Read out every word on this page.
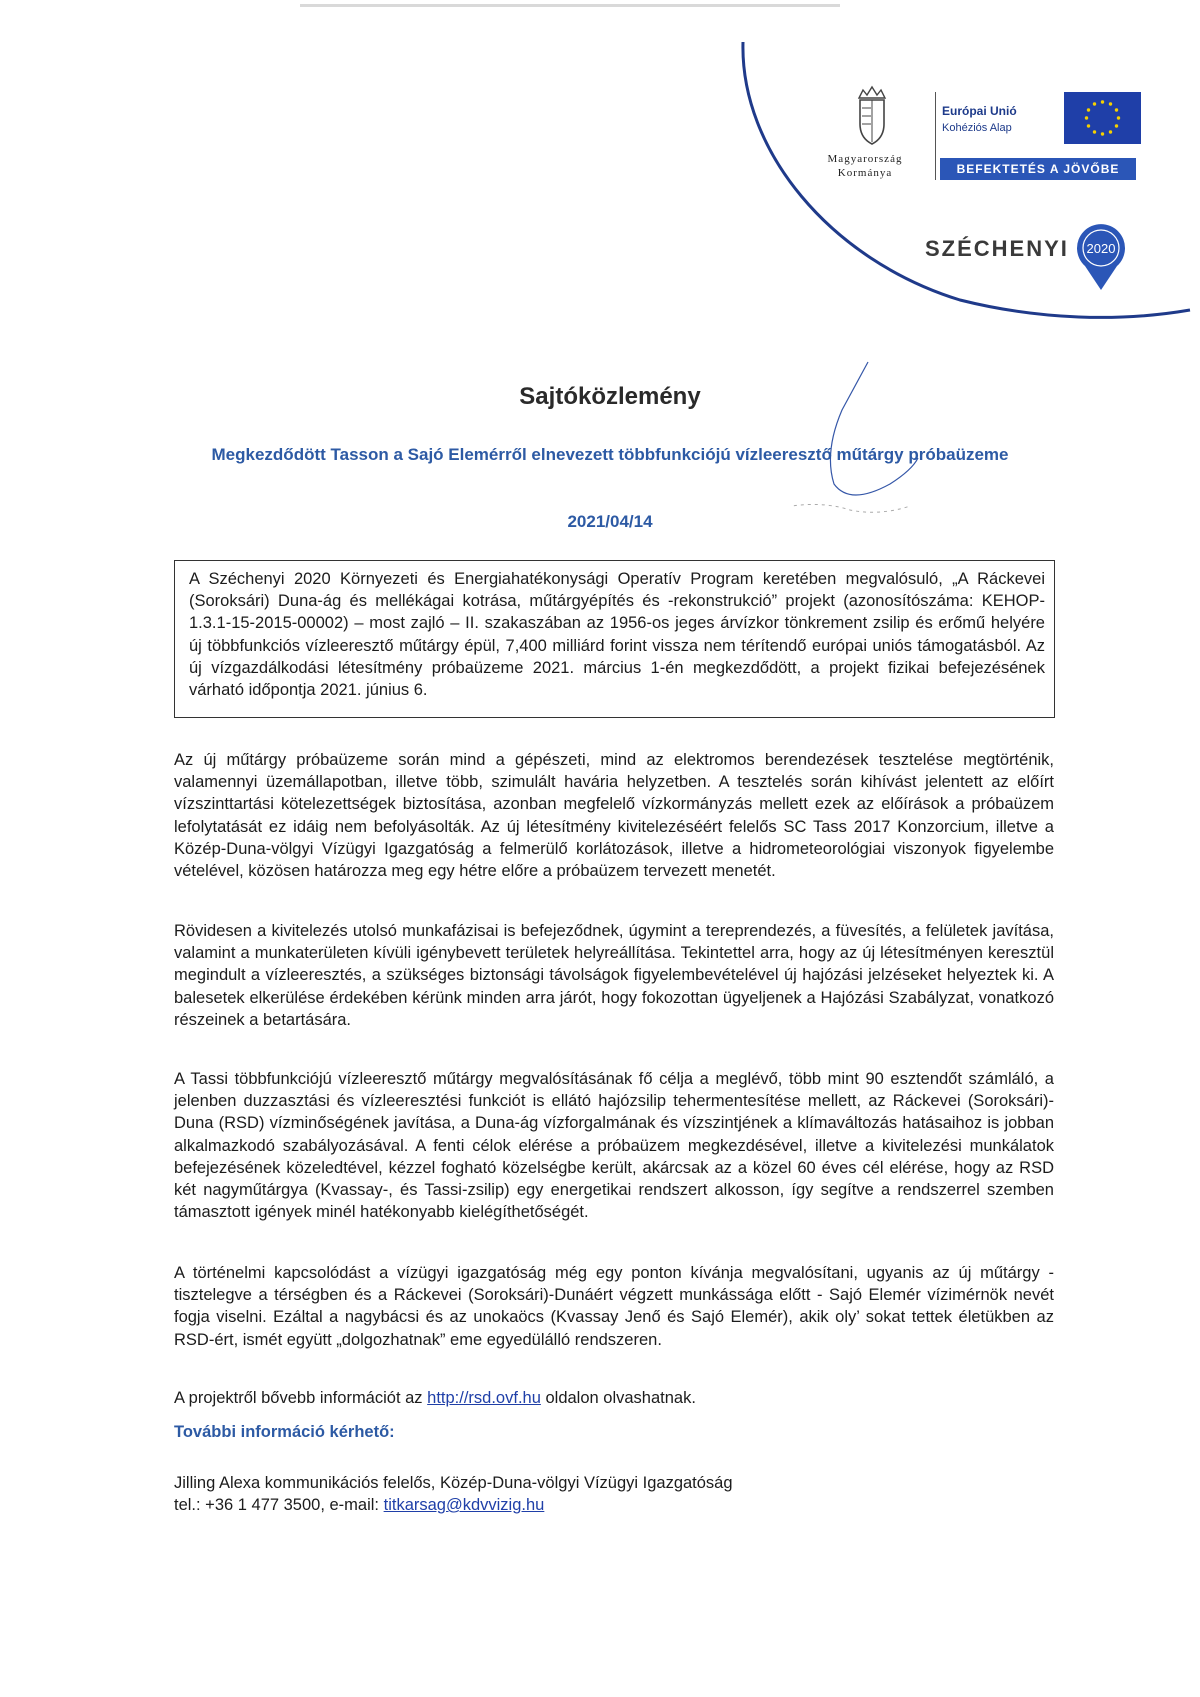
Magyarország
Kormánya
Európai Unió
Kohéziós Alap
BEFEKTETÉS A JÖVŐBE
SZÉCHENYI 2020
Sajtóközlemény
Megkezdődött Tasson a Sajó Elemérről elnevezett többfunkciójú vízleeresztő műtárgy próbaüzeme
2021/04/14
A Széchenyi 2020 Környezeti és Energiahatékonysági Operatív Program keretében megvalósuló, „A Ráckevei (Soroksári) Duna-ág és mellékágai kotrása, műtárgyépítés és -rekonstrukció” projekt (azonosítószáma: KEHOP-1.3.1-15-2015-00002) – most zajló – II. szakaszában az 1956-os jeges árvízkor tönkrement zsilip és erőmű helyére új többfunkciós vízleeresztő műtárgy épül, 7,400 milliárd forint vissza nem térítendő európai uniós támogatásból. Az új vízgazdálkodási létesítmény próbaüzeme 2021. március 1-én megkezdődött, a projekt fizikai befejezésének várható időpontja 2021. június 6.

Az új műtárgy próbaüzeme során mind a gépészeti, mind az elektromos berendezések tesztelése megtörténik, valamennyi üzemállapotban, illetve több, szimulált havária helyzetben. A tesztelés során kihívást jelentett az előírt vízszinttartási kötelezettségek biztosítása, azonban megfelelő vízkormányzás mellett ezek az előírások a próbaüzem lefolytatását ez idáig nem befolyásolták. Az új létesítmény kivitelezéséért felelős SC Tass 2017 Konzorcium, illetve a Közép-Duna-völgyi Vízügyi Igazgatóság a felmerülő korlátozások, illetve a hidrometeorológiai viszonyok figyelembe vételével, közösen határozza meg egy hétre előre a próbaüzem tervezett menetét.

Rövidesen a kivitelezés utolsó munkafázisai is befejeződnek, úgymint a tereprendezés, a füvesítés, a felületek javítása, valamint a munkaterületen kívüli igénybevett területek helyreállítása. Tekintettel arra, hogy az új létesítményen keresztül megindult a vízleeresztés, a szükséges biztonsági távolságok figyelembevételével új hajózási jelzéseket helyeztek ki. A balesetek elkerülése érdekében kérünk minden arra járót, hogy fokozottan ügyeljenek a Hajózási Szabályzat, vonatkozó részeinek a betartására.

A Tassi többfunkciójú vízleeresztő műtárgy megvalósításának fő célja a meglévő, több mint 90 esztendőt számláló, a jelenben duzzasztási és vízleeresztési funkciót is ellátó hajózsilip tehermentesítése mellett, az Ráckevei (Soroksári)-Duna (RSD) vízminőségének javítása, a Duna-ág vízforgalmának és vízszintjének a klímaváltozás hatásaihoz is jobban alkalmazkodó szabályozásával. A fenti célok elérése a próbaüzem megkezdésével, illetve a kivitelezési munkálatok befejezésének közeledtével, kézzel fogható közelségbe került, akárcsak az a közel 60 éves cél elérése, hogy az RSD két nagyműtárgya (Kvassay-, és Tassi-zsilip) egy energetikai rendszert alkosson, így segítve a rendszerrel szemben támasztott igények minél hatékonyabb kielégíthetőségét.

A történelmi kapcsolódást a vízügyi igazgatóság még egy ponton kívánja megvalósítani, ugyanis az új műtárgy - tisztelegve a térségben és a Ráckevei (Soroksári)-Dunáért végzett munkássága előtt - Sajó Elemér vízimérnök nevét fogja viselni. Ezáltal a nagybácsi és az unokaöcs (Kvassay Jenő és Sajó Elemér), akik oly’ sokat tettek életükben az RSD-ért, ismét együtt „dolgozhatnak” eme egyedülálló rendszeren.

A projektről bővebb információt az http://rsd.ovf.hu oldalon olvashatnak.
További információ kérhető:
Jilling Alexa kommunikációs felelős, Közép-Duna-völgyi Vízügyi Igazgatóság
tel.: +36 1 477 3500, e-mail: titkarsag@kdvvizig.hu
